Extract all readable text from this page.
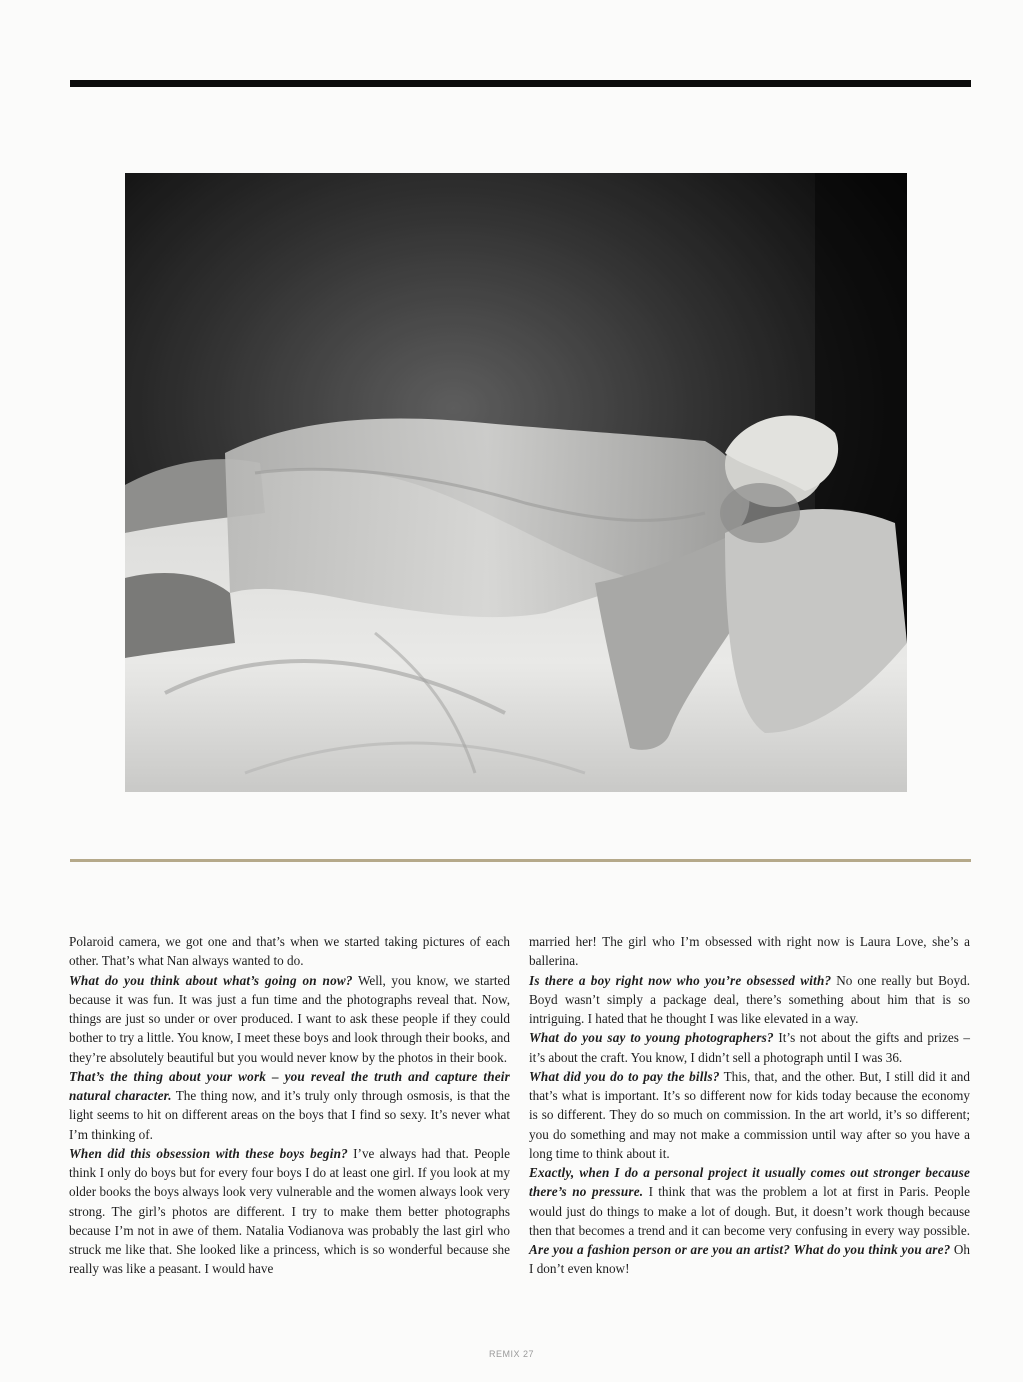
Polaroid camera, we got one and that’s when we started taking pictures of each other. That’s what Nan always wanted to do.

What do you think about what’s going on now? Well, you know, we started because it was fun. It was just a fun time and the photographs reveal that. Now, things are just so under or over produced. I want to ask these people if they could bother to try a little. You know, I meet these boys and look through their books, and they’re absolutely beautiful but you would never know by the photos in their book.

That’s the thing about your work – you reveal the truth and capture their natural character. The thing now, and it’s truly only through osmosis, is that the light seems to hit on different areas on the boys that I find so sexy. It’s never what I’m thinking of.

When did this obsession with these boys begin? I’ve always had that. People think I only do boys but for every four boys I do at least one girl. If you look at my older books the boys always look very vulnerable and the women always look very strong. The girl’s photos are different. I try to make them better photographs because I’m not in awe of them. Natalia Vodianova was probably the last girl who struck me like that. She looked like a princess, which is so wonderful because she really was like a peasant. I would have

married her! The girl who I’m obsessed with right now is Laura Love, she’s a ballerina.

Is there a boy right now who you’re obsessed with? No one really but Boyd. Boyd wasn’t simply a package deal, there’s something about him that is so intriguing. I hated that he thought I was like elevated in a way.

What do you say to young photographers? It’s not about the gifts and prizes – it’s about the craft. You know, I didn’t sell a photograph until I was 36.

What did you do to pay the bills? This, that, and the other. But, I still did it and that’s what is important. It’s so different now for kids today because the economy is so different. They do so much on commission. In the art world, it’s so different; you do something and may not make a commission until way after so you have a long time to think about it.

Exactly, when I do a personal project it usually comes out stronger because there’s no pressure. I think that was the problem a lot at first in Paris. People would just do things to make a lot of dough. But, it doesn’t work though because then that becomes a trend and it can become very confusing in every way possible. Are you a fashion person or are you an artist? What do you think you are? Oh I don’t even know!

REMIX 27
